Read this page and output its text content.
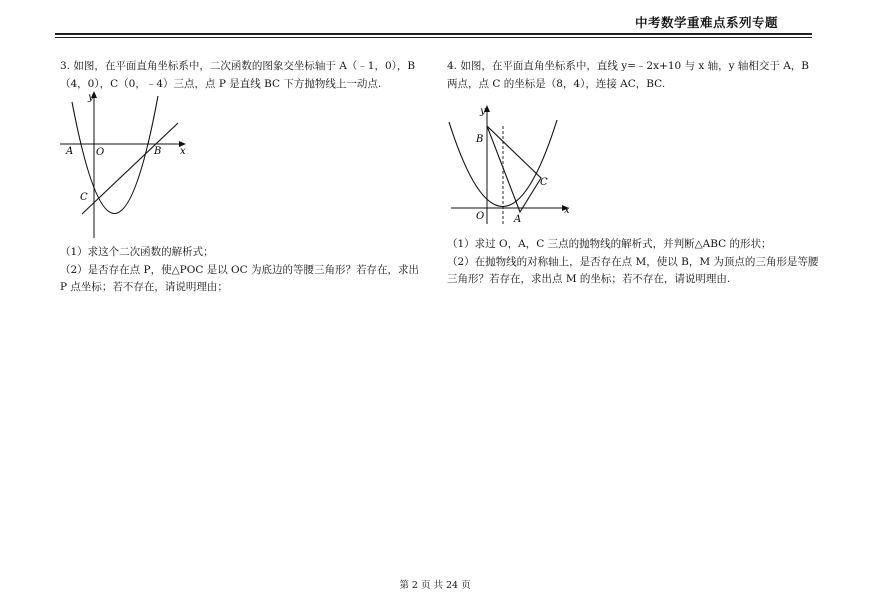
中考数学重难点系列专题

3. 如图，在平面直角坐标系中，二次函数的图象交坐标轴于 A（﹣1，0），B（4，0），C（0，﹣4）三点，点 P 是直线 BC 下方抛物线上一动点.

y
x
A O	B
C

（1）求这个二次函数的解析式；

（2）是否存在点 P，使△POC 是以 OC 为底边的等腰三角形？若存在，求出 P 点坐标；若不存在，请说明理由；

4. 如图，在平面直角坐标系中，直线 y=﹣2x+10 与 x 轴，y 轴相交于 A，B 两点，点 C 的坐标是（8，4），连接 AC，BC.

y
x
B
C
O	A

（1）求过 O，A，C 三点的抛物线的解析式，并判断△ABC 的形状；

（2）在抛物线的对称轴上，是否存在点 M，使以 B，M 为顶点的三角形是等腰三角形？若存在，求出点 M 的坐标；若不存在，请说明理由.

第 2 页 共 24 页
